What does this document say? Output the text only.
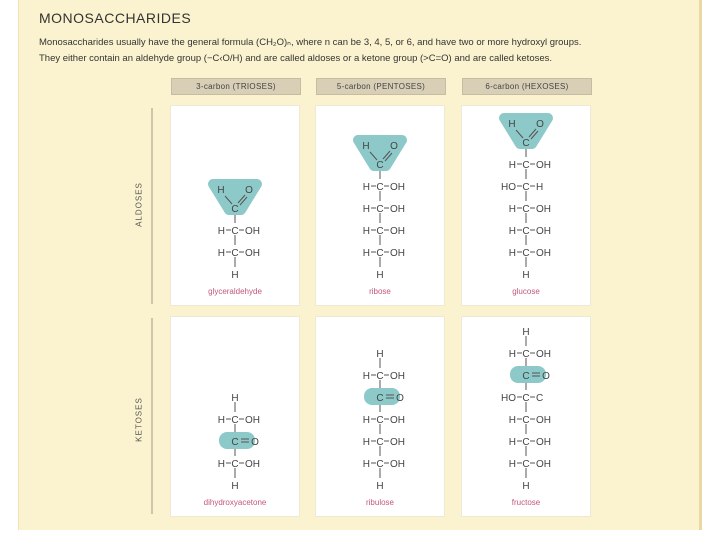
MONOSACCHARIDES
Monosaccharides usually have the general formula (CH₂O)ₙ, where n can be 3, 4, 5, or 6, and have two or more hydroxyl groups.
They either contain an aldehyde group (−C‹O/H) and are called aldoses or a ketone group (>C=O) and are called ketoses.
3-carbon (TRIOSES)	5-carbon (PENTOSES)	6-carbon (HEXOSES)
ALDOSES
KETOSES
H O
C
C
H OH
C
H OH
H
glyceraldehyde
H O
C
C
H OH
C
H OH
C
H OH
C
H OH
H
ribose
H O
C
C
H OH
C
HO H
C
H OH
C
H OH
C
H OH
H
glucose
H
C
H OH
C O
C
H OH
H
dihydroxyacetone
H
C
H OH
C O
C
H OH
C
H OH
C
H OH
H
ribulose
H
C
H OH
C O
C
HO C
C
H OH
C
H OH
C
H OH
H
fructose
